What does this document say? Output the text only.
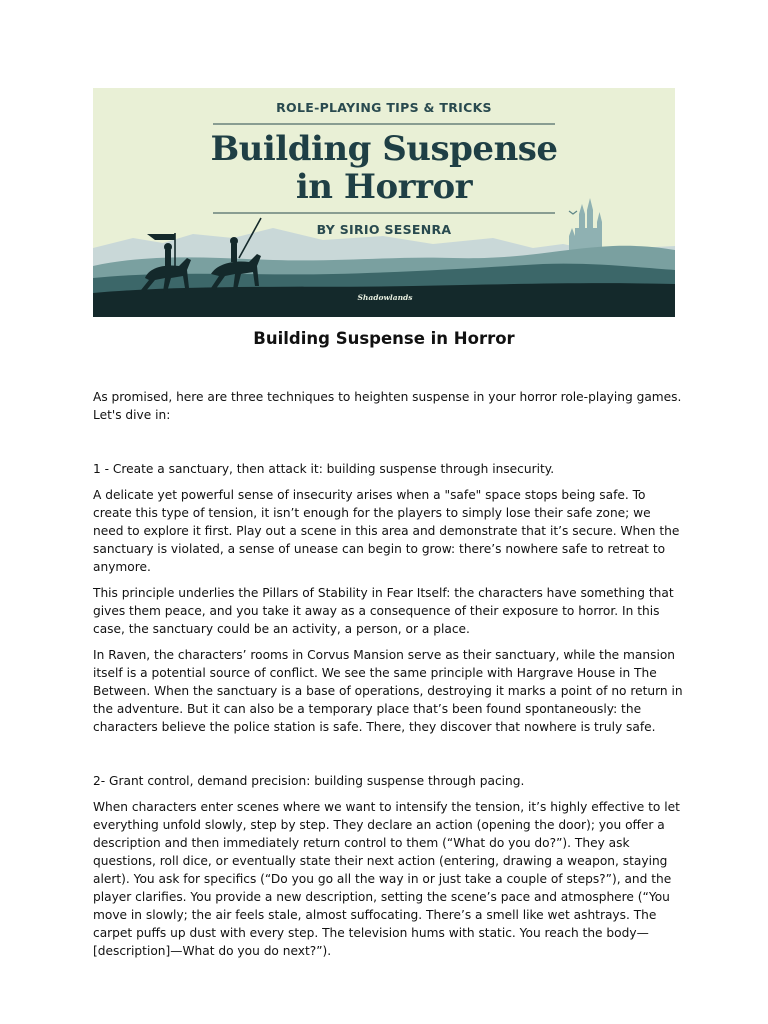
ROLE-PLAYING TIPS & TRICKS
Building Suspense
in Horror
BY SIRIO SESENRA
Shadowlands
Building Suspense in Horror

As promised, here are three techniques to heighten suspense in your horror role-playing games. Let's dive in:

1 - Create a sanctuary, then attack it: building suspense through insecurity.

A delicate yet powerful sense of insecurity arises when a "safe" space stops being safe. To create this type of tension, it isn’t enough for the players to simply lose their safe zone; we need to explore it first. Play out a scene in this area and demonstrate that it’s secure. When the sanctuary is violated, a sense of unease can begin to grow: there’s nowhere safe to retreat to anymore.

This principle underlies the Pillars of Stability in Fear Itself: the characters have something that gives them peace, and you take it away as a consequence of their exposure to horror. In this case, the sanctuary could be an activity, a person, or a place.

In Raven, the characters’ rooms in Corvus Mansion serve as their sanctuary, while the mansion itself is a potential source of conflict. We see the same principle with Hargrave House in The Between. When the sanctuary is a base of operations, destroying it marks a point of no return in the adventure. But it can also be a temporary place that’s been found spontaneously: the characters believe the police station is safe. There, they discover that nowhere is truly safe.

2- Grant control, demand precision: building suspense through pacing.

When characters enter scenes where we want to intensify the tension, it’s highly effective to let everything unfold slowly, step by step. They declare an action (opening the door); you offer a description and then immediately return control to them (“What do you do?”). They ask questions, roll dice, or eventually state their next action (entering, drawing a weapon, staying alert). You ask for specifics (“Do you go all the way in or just take a couple of steps?”), and the player clarifies. You provide a new description, setting the scene’s pace and atmosphere (“You move in slowly; the air feels stale, almost suffocating. There’s a smell like wet ashtrays. The carpet puffs up dust with every step. The television hums with static. You reach the body—[description]—What do you do next?”).
